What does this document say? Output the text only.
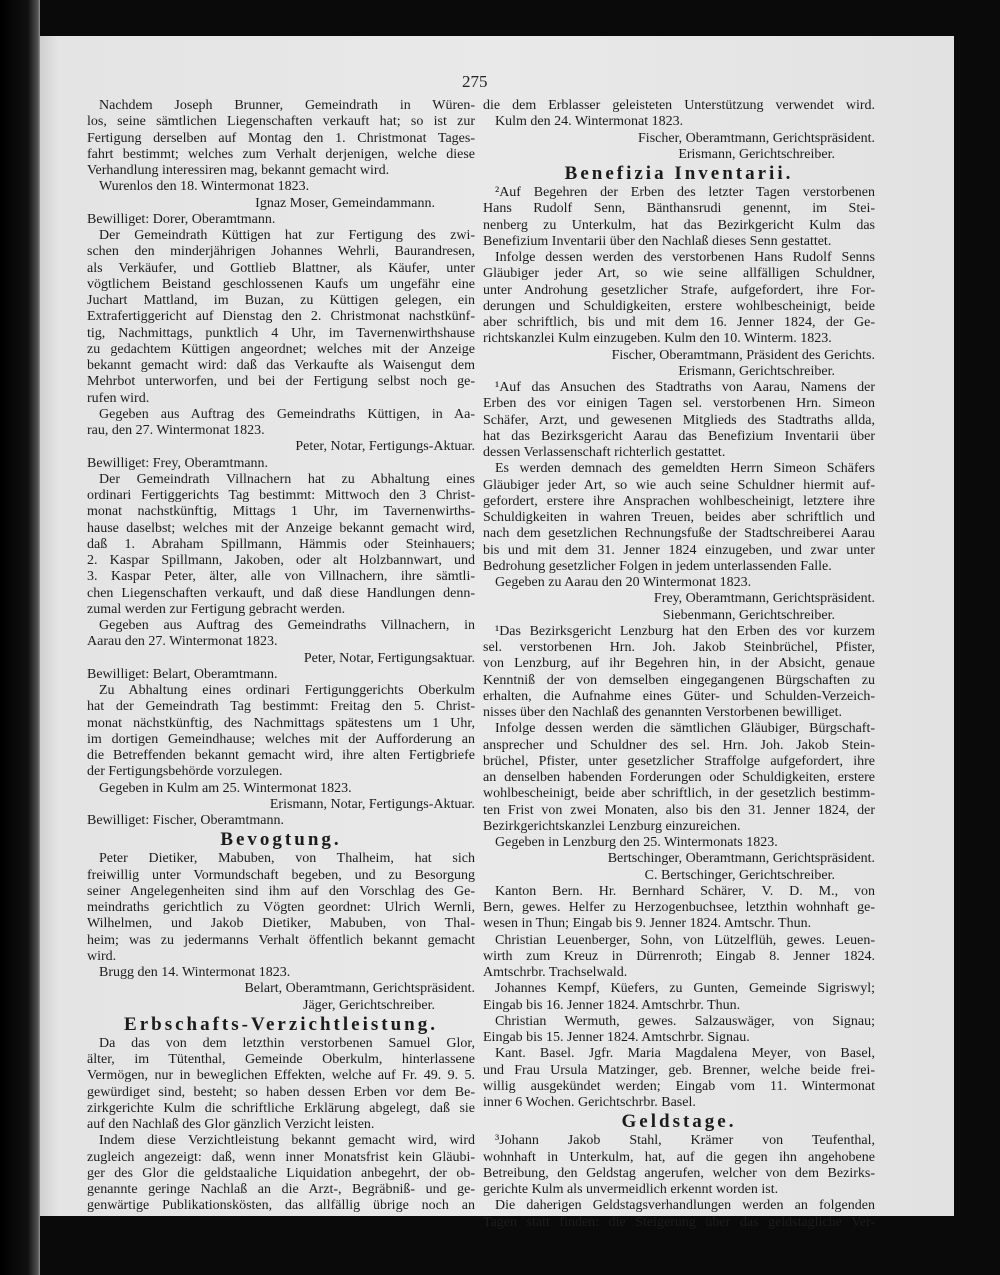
275
Nachdem Joseph Brunner, Gemeindrath in Würen-
los, seine sämtlichen Liegenschaften verkauft hat; so ist zur
Fertigung derselben auf Montag den 1. Christmonat Tages-
fahrt bestimmt; welches zum Verhalt derjenigen, welche diese
Verhandlung interessiren mag, bekannt gemacht wird.
Wurenlos den 18. Wintermonat 1823.
Ignaz Moser, Gemeindammann.
Bewilliget: Dorer, Oberamtmann.
Der Gemeindrath Küttigen hat zur Fertigung des zwi-
schen den minderjährigen Johannes Wehrli, Baurandresen,
als Verkäufer, und Gottlieb Blattner, als Käufer, unter
vögtlichem Beistand geschlossenen Kaufs um ungefähr eine
Juchart Mattland, im Buzan, zu Küttigen gelegen, ein
Extrafertiggericht auf Dienstag den 2. Christmonat nachstkünf-
tig, Nachmittags, punktlich 4 Uhr, im Tavernenwirthshause
zu gedachtem Küttigen angeordnet; welches mit der Anzeige
bekannt gemacht wird: daß das Verkaufte als Waisengut dem
Mehrbot unterworfen, und bei der Fertigung selbst noch ge-
rufen wird.
Gegeben aus Auftrag des Gemeindraths Küttigen, in Aa-
rau, den 27. Wintermonat 1823.
Peter, Notar, Fertigungs-Aktuar.
Bewilliget: Frey, Oberamtmann.
Der Gemeindrath Villnachern hat zu Abhaltung eines
ordinari Fertiggerichts Tag bestimmt: Mittwoch den 3 Christ-
monat nachstkünftig, Mittags 1 Uhr, im Tavernenwirths-
hause daselbst; welches mit der Anzeige bekannt gemacht wird,
daß 1. Abraham Spillmann, Hämmis oder Steinhauers;
2. Kaspar Spillmann, Jakoben, oder alt Holzbannwart, und
3. Kaspar Peter, älter, alle von Villnachern, ihre sämtli-
chen Liegenschaften verkauft, und daß diese Handlungen denn-
zumal werden zur Fertigung gebracht werden.
Gegeben aus Auftrag des Gemeindraths Villnachern, in
Aarau den 27. Wintermonat 1823.
Peter, Notar, Fertigungsaktuar.
Bewilliget: Belart, Oberamtmann.
Zu Abhaltung eines ordinari Fertigunggerichts Oberkulm
hat der Gemeindrath Tag bestimmt: Freitag den 5. Christ-
monat nächstkünftig, des Nachmittags spätestens um 1 Uhr,
im dortigen Gemeindhause; welches mit der Aufforderung an
die Betreffenden bekannt gemacht wird, ihre alten Fertigbriefe
der Fertigungsbehörde vorzulegen.
Gegeben in Kulm am 25. Wintermonat 1823.
Erismann, Notar, Fertigungs-Aktuar.
Bewilliget: Fischer, Oberamtmann.
Bevogtung.
Peter Dietiker, Mabuben, von Thalheim, hat sich
freiwillig unter Vormundschaft begeben, und zu Besorgung
seiner Angelegenheiten sind ihm auf den Vorschlag des Ge-
meindraths gerichtlich zu Vögten geordnet: Ulrich Wernli,
Wilhelmen, und Jakob Dietiker, Mabuben, von Thal-
heim; was zu jedermanns Verhalt öffentlich bekannt gemacht
wird.
Brugg den 14. Wintermonat 1823.
Belart, Oberamtmann, Gerichtspräsident.
Jäger, Gerichtschreiber.
Erbschafts-Verzichtleistung.
Da das von dem letzthin verstorbenen Samuel Glor,
älter, im Tütenthal, Gemeinde Oberkulm, hinterlassene
Vermögen, nur in beweglichen Effekten, welche auf Fr. 49. 9. 5.
gewürdiget sind, besteht; so haben dessen Erben vor dem Be-
zirkgerichte Kulm die schriftliche Erklärung abgelegt, daß sie
auf den Nachlaß des Glor gänzlich Verzicht leisten.
Indem diese Verzichtleistung bekannt gemacht wird, wird
zugleich angezeigt: daß, wenn inner Monatsfrist kein Gläubi-
ger des Glor die geldstaaliche Liquidation anbegehrt, der ob-
genannte geringe Nachlaß an die Arzt-, Begräbniß- und ge-
genwärtige Publikationskösten, das allfällig übrige noch an
die dem Erblasser geleisteten Unterstützung verwendet wird.
Kulm den 24. Wintermonat 1823.
Fischer, Oberamtmann, Gerichtspräsident.
Erismann, Gerichtschreiber.
Benefizia Inventarii.
²Auf Begehren der Erben des letzter Tagen verstorbenen
Hans Rudolf Senn, Bänthansrudi genennt, im Stei-
nenberg zu Unterkulm, hat das Bezirkgericht Kulm das
Benefizium Inventarii über den Nachlaß dieses Senn gestattet.
Infolge dessen werden des verstorbenen Hans Rudolf Senns
Gläubiger jeder Art, so wie seine allfälligen Schuldner,
unter Androhung gesetzlicher Strafe, aufgefordert, ihre For-
derungen und Schuldigkeiten, erstere wohlbescheinigt, beide
aber schriftlich, bis und mit dem 16. Jenner 1824, der Ge-
richtskanzlei Kulm einzugeben. Kulm den 10. Winterm. 1823.
Fischer, Oberamtmann, Präsident des Gerichts.
Erismann, Gerichtschreiber.
¹Auf das Ansuchen des Stadtraths von Aarau, Namens der
Erben des vor einigen Tagen sel. verstorbenen Hrn. Simeon
Schäfer, Arzt, und gewesenen Mitglieds des Stadtraths allda,
hat das Bezirksgericht Aarau das Benefizium Inventarii über
dessen Verlassenschaft richterlich gestattet.
Es werden demnach des gemeldten Herrn Simeon Schäfers
Gläubiger jeder Art, so wie auch seine Schuldner hiermit auf-
gefordert, erstere ihre Ansprachen wohlbescheinigt, letztere ihre
Schuldigkeiten in wahren Treuen, beides aber schriftlich und
nach dem gesetzlichen Rechnungsfuße der Stadtschreiberei Aarau
bis und mit dem 31. Jenner 1824 einzugeben, und zwar unter
Bedrohung gesetzlicher Folgen in jedem unterlassenden Falle.
Gegeben zu Aarau den 20 Wintermonat 1823.
Frey, Oberamtmann, Gerichtspräsident.
Siebenmann, Gerichtschreiber.
¹Das Bezirksgericht Lenzburg hat den Erben des vor kurzem
sel. verstorbenen Hrn. Joh. Jakob Steinbrüchel, Pfister,
von Lenzburg, auf ihr Begehren hin, in der Absicht, genaue
Kenntniß der von demselben eingegangenen Bürgschaften zu
erhalten, die Aufnahme eines Güter- und Schulden-Verzeich-
nisses über den Nachlaß des genannten Verstorbenen bewilliget.
Infolge dessen werden die sämtlichen Gläubiger, Bürgschaft-
ansprecher und Schuldner des sel. Hrn. Joh. Jakob Stein-
brüchel, Pfister, unter gesetzlicher Straffolge aufgefordert, ihre
an denselben habenden Forderungen oder Schuldigkeiten, erstere
wohlbescheinigt, beide aber schriftlich, in der gesetzlich bestimm-
ten Frist von zwei Monaten, also bis den 31. Jenner 1824, der
Bezirkgerichtskanzlei Lenzburg einzureichen.
Gegeben in Lenzburg den 25. Wintermonats 1823.
Bertschinger, Oberamtmann, Gerichtspräsident.
C. Bertschinger, Gerichtschreiber.
Kanton Bern. Hr. Bernhard Schärer, V. D. M., von
Bern, gewes. Helfer zu Herzogenbuchsee, letzthin wohnhaft ge-
wesen in Thun; Eingab bis 9. Jenner 1824. Amtschr. Thun.
Christian Leuenberger, Sohn, von Lützelflüh, gewes. Leuen-
wirth zum Kreuz in Dürrenroth; Eingab 8. Jenner 1824.
Amtschrbr. Trachselwald.
Johannes Kempf, Küefers, zu Gunten, Gemeinde Sigriswyl;
Eingab bis 16. Jenner 1824. Amtschrbr. Thun.
Christian Wermuth, gewes. Salzauswäger, von Signau;
Eingab bis 15. Jenner 1824. Amtschrbr. Signau.
Kant. Basel. Jgfr. Maria Magdalena Meyer, von Basel,
und Frau Ursula Matzinger, geb. Brenner, welche beide frei-
willig ausgekündet werden; Eingab vom 11. Wintermonat
inner 6 Wochen. Gerichtschrbr. Basel.
Geldstage.
³Johann Jakob Stahl, Krämer von Teufenthal,
wohnhaft in Unterkulm, hat, auf die gegen ihn angehobene
Betreibung, den Geldstag angerufen, welcher von dem Bezirks-
gerichte Kulm als unvermeidlich erkennt worden ist.
Die daherigen Geldstagsverhandlungen werden an folgenden
Tagen statt finden: die Steigerung über das geldstagliche Ver-
